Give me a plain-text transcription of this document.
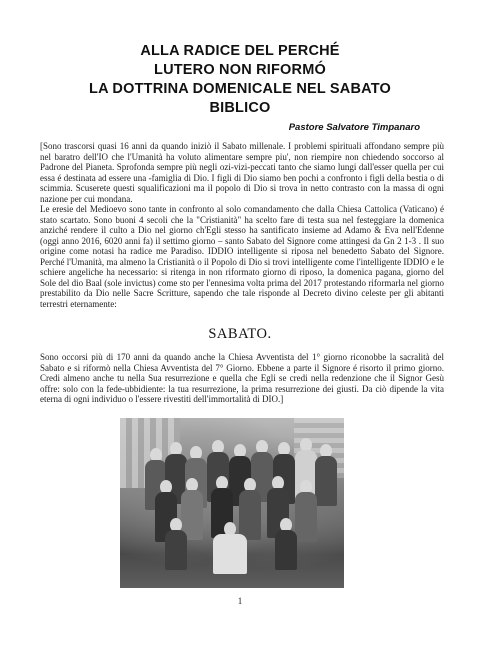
ALLA RADICE DEL PERCHÉ
LUTERO NON RIFORMÓ
LA DOTTRINA DOMENICALE NEL SABATO
BIBLICO
Pastore Salvatore Timpanaro
[Sono trascorsi quasi 16 anni da quando iniziò il Sabato millenale. I problemi spirituali affondano sempre più nel baratro dell'IO che l'Umanità ha voluto alimentare sempre piu', non riempire non chiedendo soccorso al Padrone del Pianeta. Sprofonda sempre più negli ozi-vizi-peccati tanto che siamo lungi dall'esser quella per cui essa é destinata ad essere una -famiglia di Dio. I figli di Dio siamo ben pochi a confronto i figli della bestia o di scimmia. Scuserete questi squalificazioni ma il popolo di Dio si trova in netto contrasto con la massa di ogni nazione per cui mondana.
Le eresie del Medioevo sono tante in confronto al solo comandamento che dalla Chiesa Cattolica (Vaticano) é stato scartato. Sono buoni 4 secoli che la "Cristianità" ha scelto fare di testa sua nel festeggiare la domenica anziché rendere il culto a Dio nel giorno ch'Egli stesso ha santificato insieme ad Adamo & Eva nell'Edenne (oggi anno 2016, 6020 anni fa) il settimo giorno – santo Sabato del Signore come attingesi da Gn 2 1-3 . Il suo origine come notasi ha radice me Paradiso. IDDIO intelligente si riposa nel benedetto Sabato del Signore. Perché l'Umanità, ma almeno la Cristianità o il Popolo di Dio si trovi intelligente come l'intelligente IDDIO e le schiere angeliche ha necessario: si ritenga in non riformato giorno di riposo, la domenica pagana, giorno del Sole del dio Baal (sole invictus) come sto per l'ennesima volta prima del 2017 protestando riformarla nel giorno prestabilito da Dio nelle Sacre Scritture, sapendo che tale risponde al Decreto divino celeste per gli abitanti terrestri eternamente:
SABATO.
Sono occorsi più di 170 anni da quando anche la Chiesa Avventista del 1° giorno riconobbe la sacralità del Sabato e si riformò nella Chiesa Avventista del 7° Giorno. Ebbene a parte il Signore é risorto il primo giorno. Credi almeno anche tu nella Sua resurrezione e quella che Egli se credi nella redenzione che il Signor Gesù offre: solo con la fede-ubbidiente: la tua resurrezione, la prima resurrezione dei giusti. Da ciò dipende la vita eterna di ogni individuo o l'essere rivestiti dell'immortalità di DIO.]
1
